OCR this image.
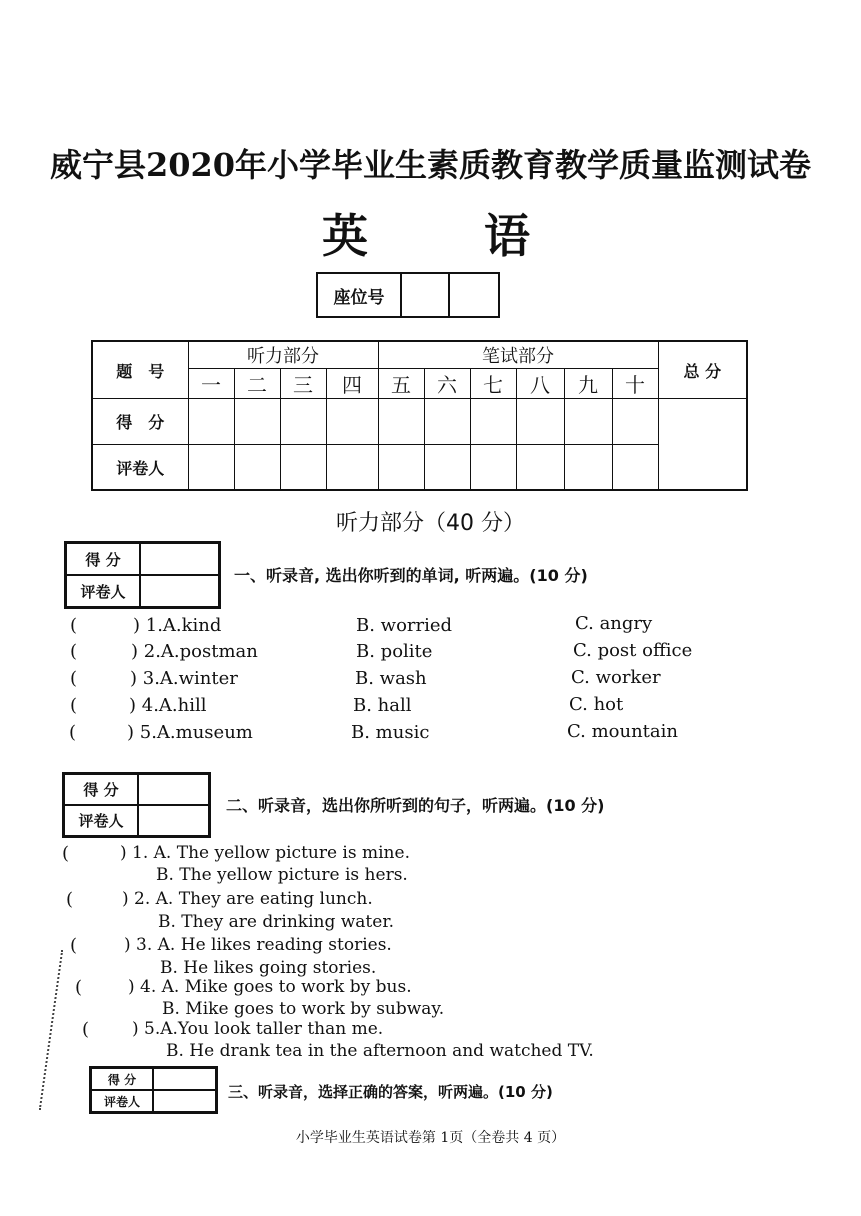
威宁县2020年小学毕业生素质教育教学质量监测试卷
英	语
座位号
题　号	听力部分				笔试部分						总 分
	一	二	三	四	五	六	七	八	九	十	
得　分											
评卷人											
听力部分（40 分）
得 分
评卷人
一、听录音, 选出你听到的单词, 听两遍。(10 分)
(	) 1.A.kind	B. worried	C. angry
(	) 2.A.postman	B. polite	C. post office
(	) 3.A.winter	B. wash	C. worker
(	) 4.A.hill	B. hall	C. hot
(	) 5.A.museum	B. music	C. mountain
得 分
评卷人
二、听录音，选出你所听到的句子，听两遍。(10 分)
(	) 1. A. The yellow picture is mine.
B. The yellow picture is hers.
(	) 2. A. They are eating lunch.
B. They are drinking water.
(	) 3. A. He likes reading stories.
B. He likes going stories.
(	) 4. A. Mike goes to work by bus.
B. Mike goes to work by subway.
(	) 5.A.You look taller than me.
B. He drank tea in the afternoon and watched TV.
得 分
评卷人
三、听录音，选择正确的答案，听两遍。(10 分)
小学毕业生英语试卷第 1页（全卷共 4 页）
